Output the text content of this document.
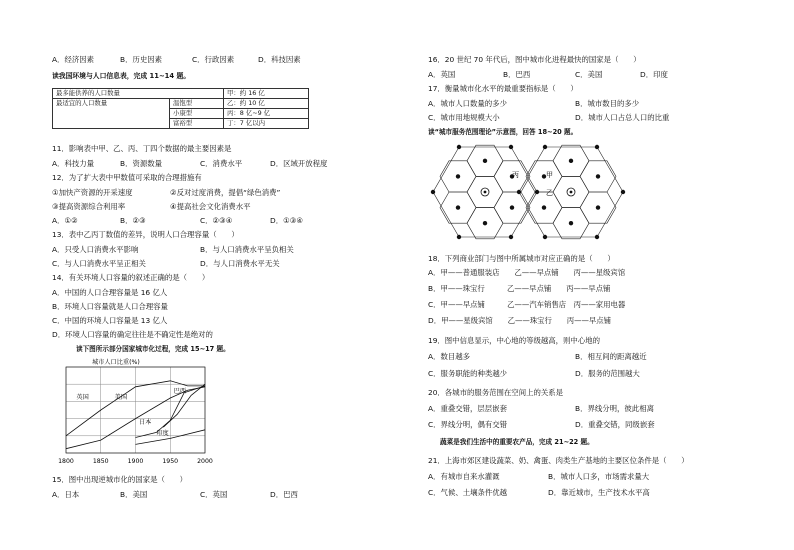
A．经济因素	B．历史因素	C．行政因素	D．科技因素
读我国环境与人口信息表，完成 11~14 题。
最多能供养的人口数量		甲：约 16 亿
最适宜的人口数量	温饱型	乙：约 10 亿
	小康型	丙：8 亿~9 亿
	富裕型	丁：7 亿以内
11．影响表中甲、乙、丙、丁四个数据的最主要因素是
A．科技力量	B．资源数量	C．消费水平	D．区域开放程度
12．为了扩大表中甲数值可采取的合理措施有
①加快产资源的开采速度	②反对过度消费，提倡“绿色消费”
③提高资源综合利用率	④提高社会文化消费水平
A．①②	B．②③	C．②③④	D．①③④
13．表中乙丙丁数值的差异，说明人口合理容量（　　）
A．只受人口消费水平影响	B．与人口消费水平呈负相关
C．与人口消费水平呈正相关	D．与人口消费水平无关
14．有关环境人口容量的叙述正确的是（　　）
A．中国的人口合理容量是 16 亿人
B．环境人口容量就是人口合理容量
C．中国的环境人口容量是 13 亿人
D．环境人口容量的确定往往是不确定性是绝对的
读下图所示部分国家城市化过程，完成 15~17 题。
城市人口比重(%)
1800	1850	1900	1950	2000
英国	美国
日本
巴西
印度
15．图中出现逆城市化的国家是（　　）
A．日本	B．美国	C．英国	D．巴西
16．20 世纪 70 年代后，图中城市化进程最快的国家是（　　）
A．英国	B．巴西	C．美国	D．印度
17．衡量城市化水平的最重要指标是（　　）
A．城市人口数量的多少	B．城市数目的多少
C．城市用地规模大小	D．城市人口占总人口的比重
读“城市服务范围理论”示意图，回答 18~20 题。
丙	甲
乙
18．下列商业部门与图中所属城市对应正确的是（　　）
A．甲——普通服装店　　乙——早点铺　　丙——星级宾馆
B．甲——珠宝行　　　乙——早点铺　　丙——早点铺
C．甲——早点铺　　　乙——汽车销售店　丙——家用电器
D．甲——星级宾馆　　乙——珠宝行　　丙——早点铺
19．图中信息显示，中心地的等级越高，则中心地的
A．数目越多	B．相互间的距离越近
C．服务职能的种类越少	D．服务的范围越大
20．各城市的服务范围在空间上的关系是
A．重叠交错，层层嵌套	B．界线分明，彼此相离
C．界线分明，偶有交错	D．重叠交错，同级嵌套
蔬菜是我们生活中的重要农产品，完成 21~22 题。
21．上海市郊区建设蔬菜、奶、禽蛋、肉类生产基地的主要区位条件是（　　）
A．有城市自来水灌溉	B．城市人口多，市场需求量大
C．气候、土壤条件优越	D．靠近城市，生产技术水平高
